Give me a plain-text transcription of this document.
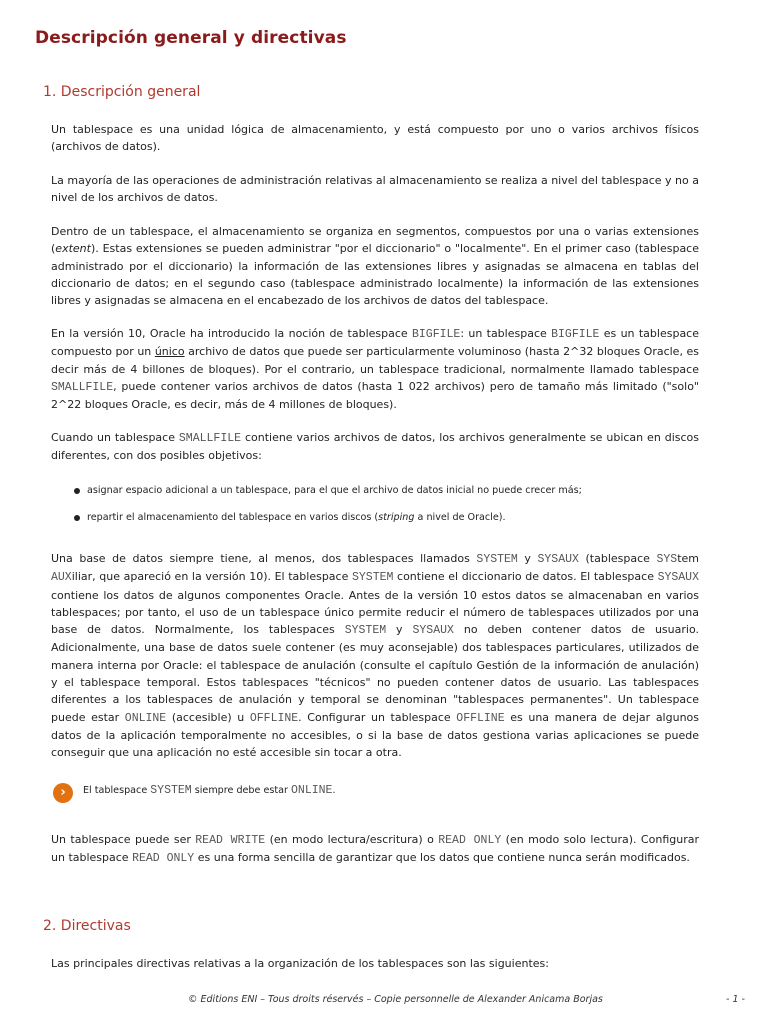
Descripción general y directivas
1. Descripción general

Un tablespace es una unidad lógica de almacenamiento, y está compuesto por uno o varios archivos físicos (archivos de datos).

La mayoría de las operaciones de administración relativas al almacenamiento se realiza a nivel del tablespace y no a nivel de los archivos de datos.

Dentro de un tablespace, el almacenamiento se organiza en segmentos, compuestos por una o varias extensiones (extent). Estas extensiones se pueden administrar "por el diccionario" o "localmente". En el primer caso (tablespace administrado por el diccionario) la información de las extensiones libres y asignadas se almacena en tablas del diccionario de datos; en el segundo caso (tablespace administrado localmente) la información de las extensiones libres y asignadas se almacena en el encabezado de los archivos de datos del tablespace.

En la versión 10, Oracle ha introducido la noción de tablespace BIGFILE: un tablespace BIGFILE es un tablespace compuesto por un único archivo de datos que puede ser particularmente voluminoso (hasta 2^32 bloques Oracle, es decir más de 4 billones de bloques). Por el contrario, un tablespace tradicional, normalmente llamado tablespace SMALLFILE, puede contener varios archivos de datos (hasta 1 022 archivos) pero de tamaño más limitado ("solo" 2^22 bloques Oracle, es decir, más de 4 millones de bloques).

Cuando un tablespace SMALLFILE contiene varios archivos de datos, los archivos generalmente se ubican en discos diferentes, con dos posibles objetivos:

asignar espacio adicional a un tablespace, para el que el archivo de datos inicial no puede crecer más;
repartir el almacenamiento del tablespace en varios discos (striping a nivel de Oracle).

Una base de datos siempre tiene, al menos, dos tablespaces llamados SYSTEM y SYSAUX (tablespace SYStem AUXiliar, que apareció en la versión 10). El tablespace SYSTEM contiene el diccionario de datos. El tablespace SYSAUX contiene los datos de algunos componentes Oracle. Antes de la versión 10 estos datos se almacenaban en varios tablespaces; por tanto, el uso de un tablespace único permite reducir el número de tablespaces utilizados por una base de datos. Normalmente, los tablespaces SYSTEM y SYSAUX no deben contener datos de usuario. Adicionalmente, una base de datos suele contener (es muy aconsejable) dos tablespaces particulares, utilizados de manera interna por Oracle: el tablespace de anulación (consulte el capítulo Gestión de la información de anulación) y el tablespace temporal. Estos tablespaces "técnicos" no pueden contener datos de usuario. Las tablespaces diferentes a los tablespaces de anulación y temporal se denominan "tablespaces permanentes". Un tablespace puede estar ONLINE (accesible) u OFFLINE. Configurar un tablespace OFFLINE es una manera de dejar algunos datos de la aplicación temporalmente no accesibles, o si la base de datos gestiona varias aplicaciones se puede conseguir que una aplicación no esté accesible sin tocar a otra.

›	El tablespace SYSTEM siempre debe estar ONLINE.

Un tablespace puede ser READ WRITE (en modo lectura/escritura) o READ ONLY (en modo solo lectura). Configurar un tablespace READ ONLY es una forma sencilla de garantizar que los datos que contiene nunca serán modificados.

2. Directivas

Las principales directivas relativas a la organización de los tablespaces son las siguientes:

© Editions ENI – Tous droits réservés – Copie personnelle de Alexander Anicama Borjas	- 1 -
